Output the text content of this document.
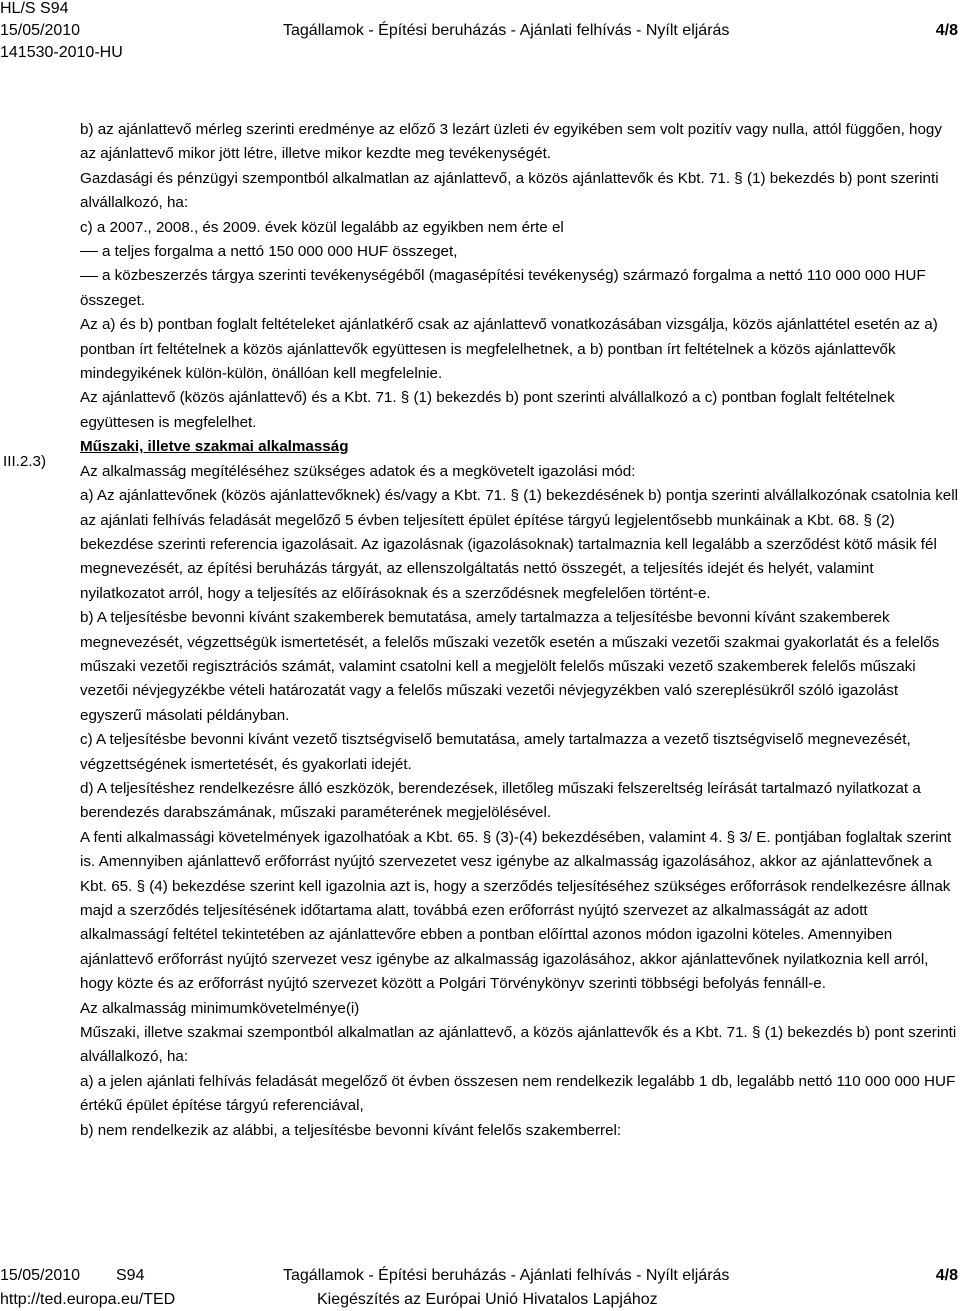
HL/S S94
15/05/2010
141530-2010-HU
Tagállamok - Építési beruházás - Ajánlati felhívás - Nyílt eljárás	4/8
III.2.3)

b) az ajánlattevő mérleg szerinti eredménye az előző 3 lezárt üzleti év egyikében sem volt pozitív vagy nulla, attól függően, hogy az ajánlattevő mikor jött létre, illetve mikor kezdte meg tevékenységét.

Gazdasági és pénzügyi szempontból alkalmatlan az ajánlattevő, a közös ajánlattevők és Kbt. 71. § (1) bekezdés b) pont szerinti alvállalkozó, ha:

c) a 2007., 2008., és 2009. évek közül legalább az egyikben nem érte el

a teljes forgalma a nettó 150 000 000 HUF összeget,

a közbeszerzés tárgya szerinti tevékenységéből (magasépítési tevékenység) származó forgalma a nettó 110 000 000 HUF összeget.

Az a) és b) pontban foglalt feltételeket ajánlatkérő csak az ajánlattevő vonatkozásában vizsgálja, közös ajánlattétel esetén az a) pontban írt feltételnek a közös ajánlattevők együttesen is megfelelhetnek, a b) pontban írt feltételnek a közös ajánlattevők mindegyikének külön-külön, önállóan kell megfelelnie.

Az ajánlattevő (közös ajánlattevő) és a Kbt. 71. § (1) bekezdés b) pont szerinti alvállalkozó a c) pontban foglalt feltételnek együttesen is megfelelhet.

Műszaki, illetve szakmai alkalmasság

Az alkalmasság megítéléséhez szükséges adatok és a megkövetelt igazolási mód:

a) Az ajánlattevőnek (közös ajánlattevőknek) és/vagy a Kbt. 71. § (1) bekezdésének b) pontja szerinti alvállalkozónak csatolnia kell az ajánlati felhívás feladását megelőző 5 évben teljesített épület építése tárgyú legjelentősebb munkáinak a Kbt. 68. § (2) bekezdése szerinti referencia igazolásait. Az igazolásnak (igazolásoknak) tartalmaznia kell legalább a szerződést kötő másik fél megnevezését, az építési beruházás tárgyát, az ellenszolgáltatás nettó összegét, a teljesítés idejét és helyét, valamint nyilatkozatot arról, hogy a teljesítés az előírásoknak és a szerződésnek megfelelően történt-e.

b) A teljesítésbe bevonni kívánt szakemberek bemutatása, amely tartalmazza a teljesítésbe bevonni kívánt szakemberek megnevezését, végzettségük ismertetését, a felelős műszaki vezetők esetén a műszaki vezetői szakmai gyakorlatát és a felelős műszaki vezetői regisztrációs számát, valamint csatolni kell a megjelölt felelős műszaki vezető szakemberek felelős műszaki vezetői névjegyzékbe vételi határozatát vagy a felelős műszaki vezetői névjegyzékben való szereplésükről szóló igazolást egyszerű másolati példányban.

c) A teljesítésbe bevonni kívánt vezető tisztségviselő bemutatása, amely tartalmazza a vezető tisztségviselő megnevezését, végzettségének ismertetését, és gyakorlati idejét.

d) A teljesítéshez rendelkezésre álló eszközök, berendezések, illetőleg műszaki felszereltség leírását tartalmazó nyilatkozat a berendezés darabszámának, műszaki paraméterének megjelölésével.

A fenti alkalmassági követelmények igazolhatóak a Kbt. 65. § (3)-(4) bekezdésében, valamint 4. § 3/ E. pontjában foglaltak szerint is. Amennyiben ajánlattevő erőforrást nyújtó szervezetet vesz igénybe az alkalmasság igazolásához, akkor az ajánlattevőnek a Kbt. 65. § (4) bekezdése szerint kell igazolnia azt is, hogy a szerződés teljesítéséhez szükséges erőforrások rendelkezésre állnak majd a szerződés teljesítésének időtartama alatt, továbbá ezen erőforrást nyújtó szervezet az alkalmasságát az adott alkalmasságí feltétel tekintetében az ajánlattevőre ebben a pontban előírttal azonos módon igazolni köteles. Amennyiben ajánlattevő erőforrást nyújtó szervezet vesz igénybe az alkalmasság igazolásához, akkor ajánlattevőnek nyilatkoznia kell arról, hogy közte és az erőforrást nyújtó szervezet között a Polgári Törvénykönyv szerinti többségi befolyás fennáll-e.

Az alkalmasság minimumkövetelménye(i)

Műszaki, illetve szakmai szempontból alkalmatlan az ajánlattevő, a közös ajánlattevők és a Kbt. 71. § (1) bekezdés b) pont szerinti alvállalkozó, ha:

a) a jelen ajánlati felhívás feladását megelőző öt évben összesen nem rendelkezik legalább 1 db, legalább nettó 110 000 000 HUF értékű épület építése tárgyú referenciával,

b) nem rendelkezik az alábbi, a teljesítésbe bevonni kívánt felelős szakemberrel:

15/05/2010 S94	Tagállamok - Építési beruházás - Ajánlati felhívás - Nyílt eljárás	4/8
http://ted.europa.eu/TED	Kiegészítés az Európai Unió Hivatalos Lapjához
